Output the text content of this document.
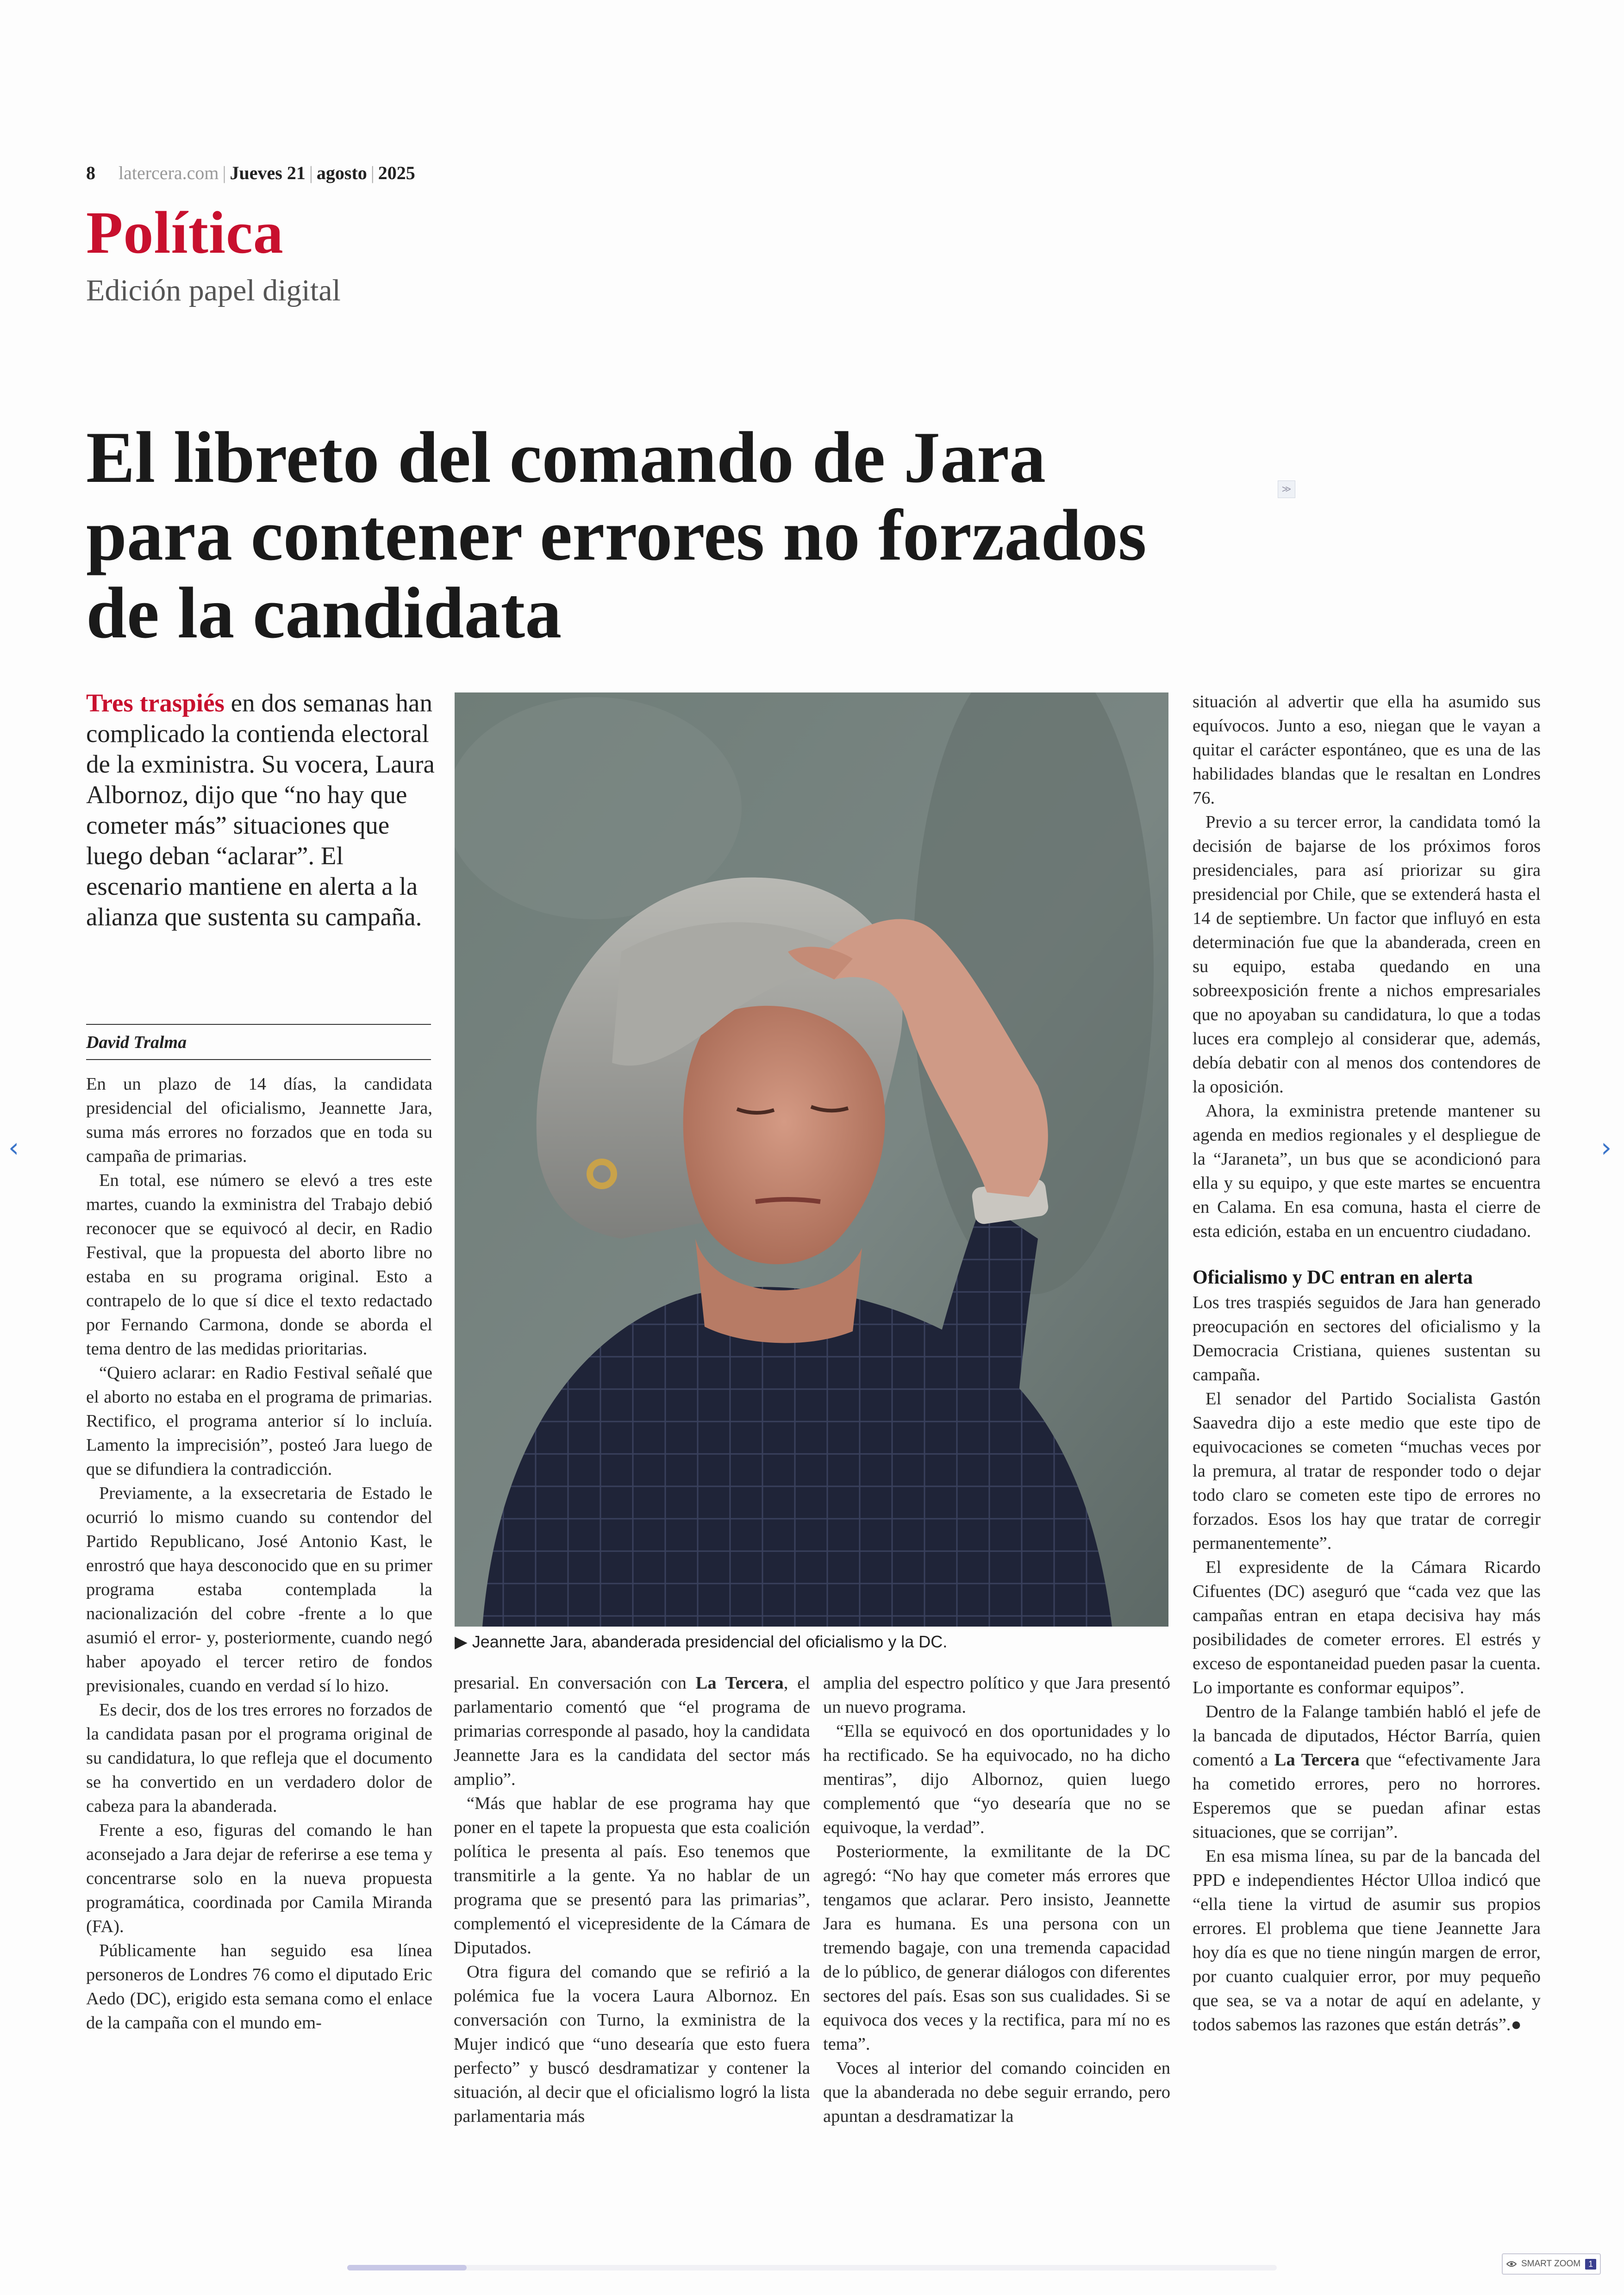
8 latercera.com | Jueves 21 | agosto | 2025
Política
Edición papel digital
El libreto del comando de Jara para contener errores no forzados de la candidata
≫
Tres traspiés en dos semanas han complicado la contienda electoral de la exministra. Su vocera, Laura Albornoz, dijo que “no hay que cometer más” situaciones que luego deban “aclarar”. El escenario mantiene en alerta a la alianza que sustenta su campaña.
David Tralma

En un plazo de 14 días, la candidata presidencial del oficialismo, Jeannette Jara, suma más errores no forzados que en toda su campaña de primarias.

En total, ese número se elevó a tres este martes, cuando la exministra del Trabajo debió reconocer que se equivocó al decir, en Radio Festival, que la propuesta del aborto libre no estaba en su programa original. Esto a contrapelo de lo que sí dice el texto redactado por Fernando Carmona, donde se aborda el tema dentro de las medidas prioritarias.

“Quiero aclarar: en Radio Festival señalé que el aborto no estaba en el programa de primarias. Rectifico, el programa anterior sí lo incluía. Lamento la imprecisión”, posteó Jara luego de que se difundiera la contradicción.

Previamente, a la exsecretaria de Estado le ocurrió lo mismo cuando su contendor del Partido Republicano, José Antonio Kast, le enrostró que haya desconocido que en su primer programa estaba contemplada la nacionalización del cobre -frente a lo que asumió el error- y, posteriormente, cuando negó haber apoyado el tercer retiro de fondos previsionales, cuando en verdad sí lo hizo.

Es decir, dos de los tres errores no forzados de la candidata pasan por el programa original de su candidatura, lo que refleja que el documento se ha convertido en un verdadero dolor de cabeza para la abanderada.

Frente a eso, figuras del comando le han aconsejado a Jara dejar de referirse a ese tema y concentrarse solo en la nueva propuesta programática, coordinada por Camila Miranda (FA).

Públicamente han seguido esa línea personeros de Londres 76 como el diputado Eric Aedo (DC), erigido esta semana como el enlace de la campaña con el mundo em-

▶ Jeannette Jara, abanderada presidencial del oficialismo y la DC.

presarial. En conversación con La Tercera, el parlamentario comentó que “el programa de primarias corresponde al pasado, hoy la candidata Jeannette Jara es la candidata del sector más amplio”.

“Más que hablar de ese programa hay que poner en el tapete la propuesta que esta coalición política le presenta al país. Eso tenemos que transmitirle a la gente. Ya no hablar de un programa que se presentó para las primarias”, complementó el vicepresidente de la Cámara de Diputados.

Otra figura del comando que se refirió a la polémica fue la vocera Laura Albornoz. En conversación con Turno, la exministra de la Mujer indicó que “uno desearía que esto fuera perfecto” y buscó desdramatizar y contener la situación, al decir que el oficialismo logró la lista parlamentaria más

amplia del espectro político y que Jara presentó un nuevo programa.

“Ella se equivocó en dos oportunidades y lo ha rectificado. Se ha equivocado, no ha dicho mentiras”, dijo Albornoz, quien luego complementó que “yo desearía que no se equivoque, la verdad”.

Posteriormente, la exmilitante de la DC agregó: “No hay que cometer más errores que tengamos que aclarar. Pero insisto, Jeannette Jara es humana. Es una persona con un tremendo bagaje, con una tremenda capacidad de lo público, de generar diálogos con diferentes sectores del país. Esas son sus cualidades. Si se equivoca dos veces y la rectifica, para mí no es tema”.

Voces al interior del comando coinciden en que la abanderada no debe seguir errando, pero apuntan a desdramatizar la

situación al advertir que ella ha asumido sus equívocos. Junto a eso, niegan que le vayan a quitar el carácter espontáneo, que es una de las habilidades blandas que le resaltan en Londres 76.

Previo a su tercer error, la candidata tomó la decisión de bajarse de los próximos foros presidenciales, para así priorizar su gira presidencial por Chile, que se extenderá hasta el 14 de septiembre. Un factor que influyó en esta determinación fue que la abanderada, creen en su equipo, estaba quedando en una sobreexposición frente a nichos empresariales que no apoyaban su candidatura, lo que a todas luces era complejo al considerar que, además, debía debatir con al menos dos contendores de la oposición.

Ahora, la exministra pretende mantener su agenda en medios regionales y el despliegue de la “Jaraneta”, un bus que se acondicionó para ella y su equipo, y que este martes se encuentra en Calama. En esa comuna, hasta el cierre de esta edición, estaba en un encuentro ciudadano.

Oficialismo y DC entran en alerta

Los tres traspiés seguidos de Jara han generado preocupación en sectores del oficialismo y la Democracia Cristiana, quienes sustentan su campaña.

El senador del Partido Socialista Gastón Saavedra dijo a este medio que este tipo de equivocaciones se cometen “muchas veces por la premura, al tratar de responder todo o dejar todo claro se cometen este tipo de errores no forzados. Esos los hay que tratar de corregir permanentemente”.

El expresidente de la Cámara Ricardo Cifuentes (DC) aseguró que “cada vez que las campañas entran en etapa decisiva hay más posibilidades de cometer errores. El estrés y exceso de espontaneidad pueden pasar la cuenta. Lo importante es conformar equipos”.

Dentro de la Falange también habló el jefe de la bancada de diputados, Héctor Barría, quien comentó a La Tercera que “efectivamente Jara ha cometido errores, pero no horrores. Esperemos que se puedan afinar estas situaciones, que se corrijan”.

En esa misma línea, su par de la bancada del PPD e independientes Héctor Ulloa indicó que “ella tiene la virtud de asumir sus propios errores. El problema que tiene Jeannette Jara hoy día es que no tiene ningún margen de error, por cuanto cualquier error, por muy pequeño que sea, se va a notar de aquí en adelante, y todos sabemos las razones que están detrás”.●

‹	›
SMART ZOOM 1
